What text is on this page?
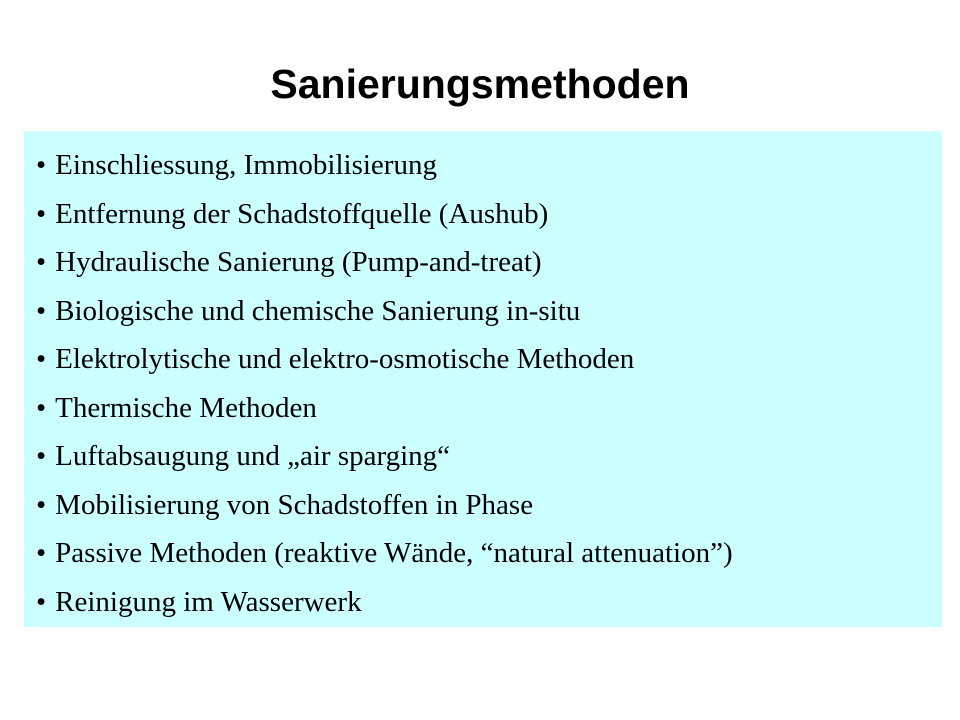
Sanierungsmethoden
• Einschliessung, Immobilisierung
• Entfernung der Schadstoffquelle (Aushub)
• Hydraulische Sanierung (Pump-and-treat)
• Biologische und chemische Sanierung in-situ
• Elektrolytische und elektro-osmotische Methoden
• Thermische Methoden
• Luftabsaugung und „air sparging“
• Mobilisierung von Schadstoffen in Phase
• Passive Methoden (reaktive Wände, “natural attenuation”)
• Reinigung im Wasserwerk
